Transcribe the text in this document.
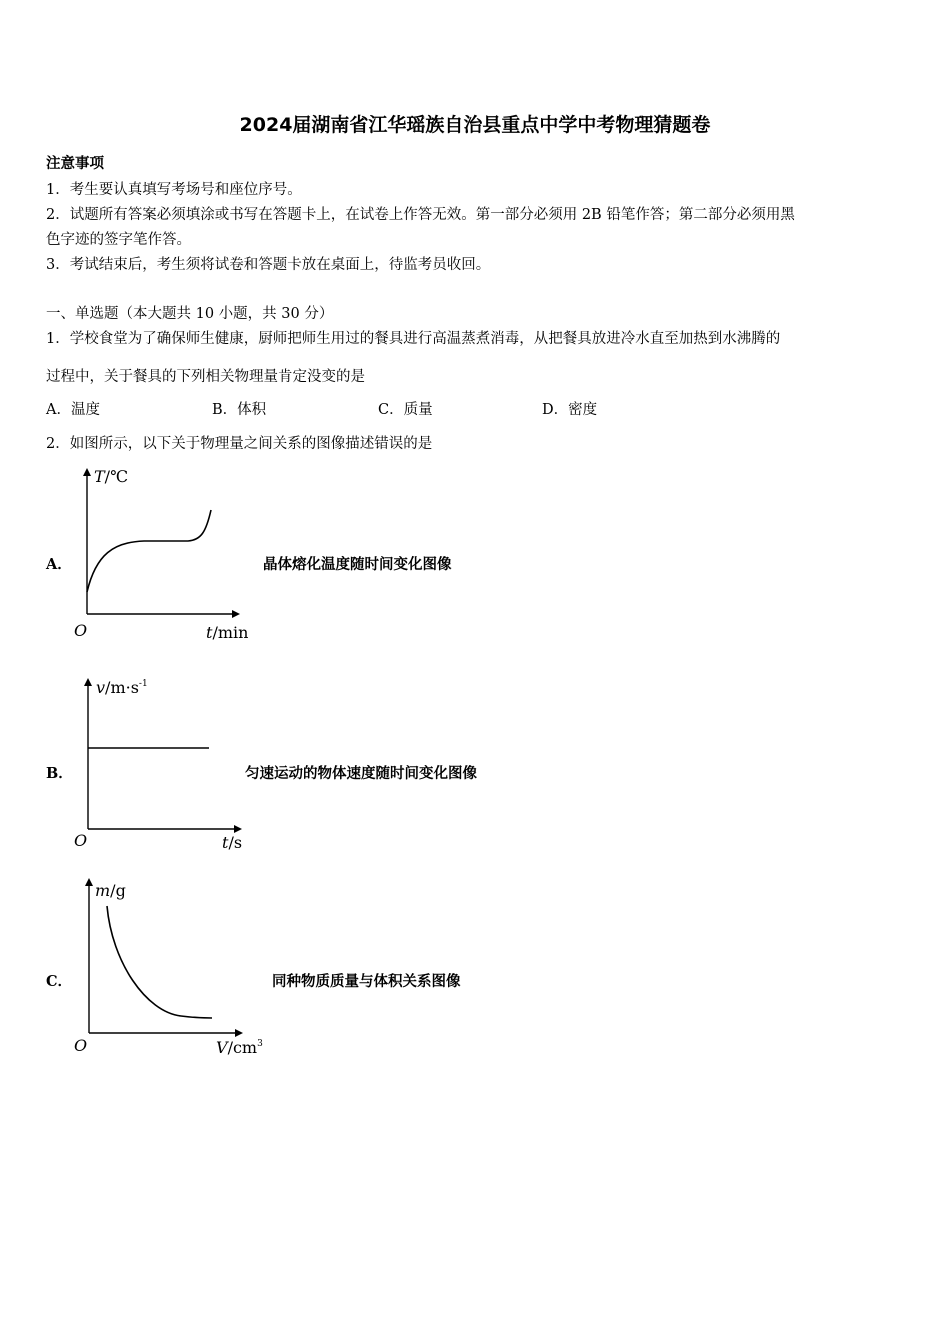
2024届湖南省江华瑶族自治县重点中学中考物理猜题卷
注意事项
1．考生要认真填写考场号和座位序号。
2．试题所有答案必须填涂或书写在答题卡上，在试卷上作答无效。第一部分必须用 2B 铅笔作答；第二部分必须用黑
色字迹的签字笔作答。
3．考试结束后，考生须将试卷和答题卡放在桌面上，待监考员收回。
一、单选题（本大题共 10 小题，共 30 分）
1．学校食堂为了确保师生健康，厨师把师生用过的餐具进行高温蒸煮消毒，从把餐具放进冷水直至加热到水沸腾的
过程中，关于餐具的下列相关物理量肯定没变的是
A．温度	B．体积	C．质量	D．密度
2．如图所示，以下关于物理量之间关系的图像描述错误的是
A．
T/℃
t/min
O
晶体熔化温度随时间变化图像
B．
$v/m\cdot s^{-1}$
t/s
O
匀速运动的物体速度随时间变化图像
C．
m/g
$V/cm^3$
O
同种物质质量与体积关系图像
